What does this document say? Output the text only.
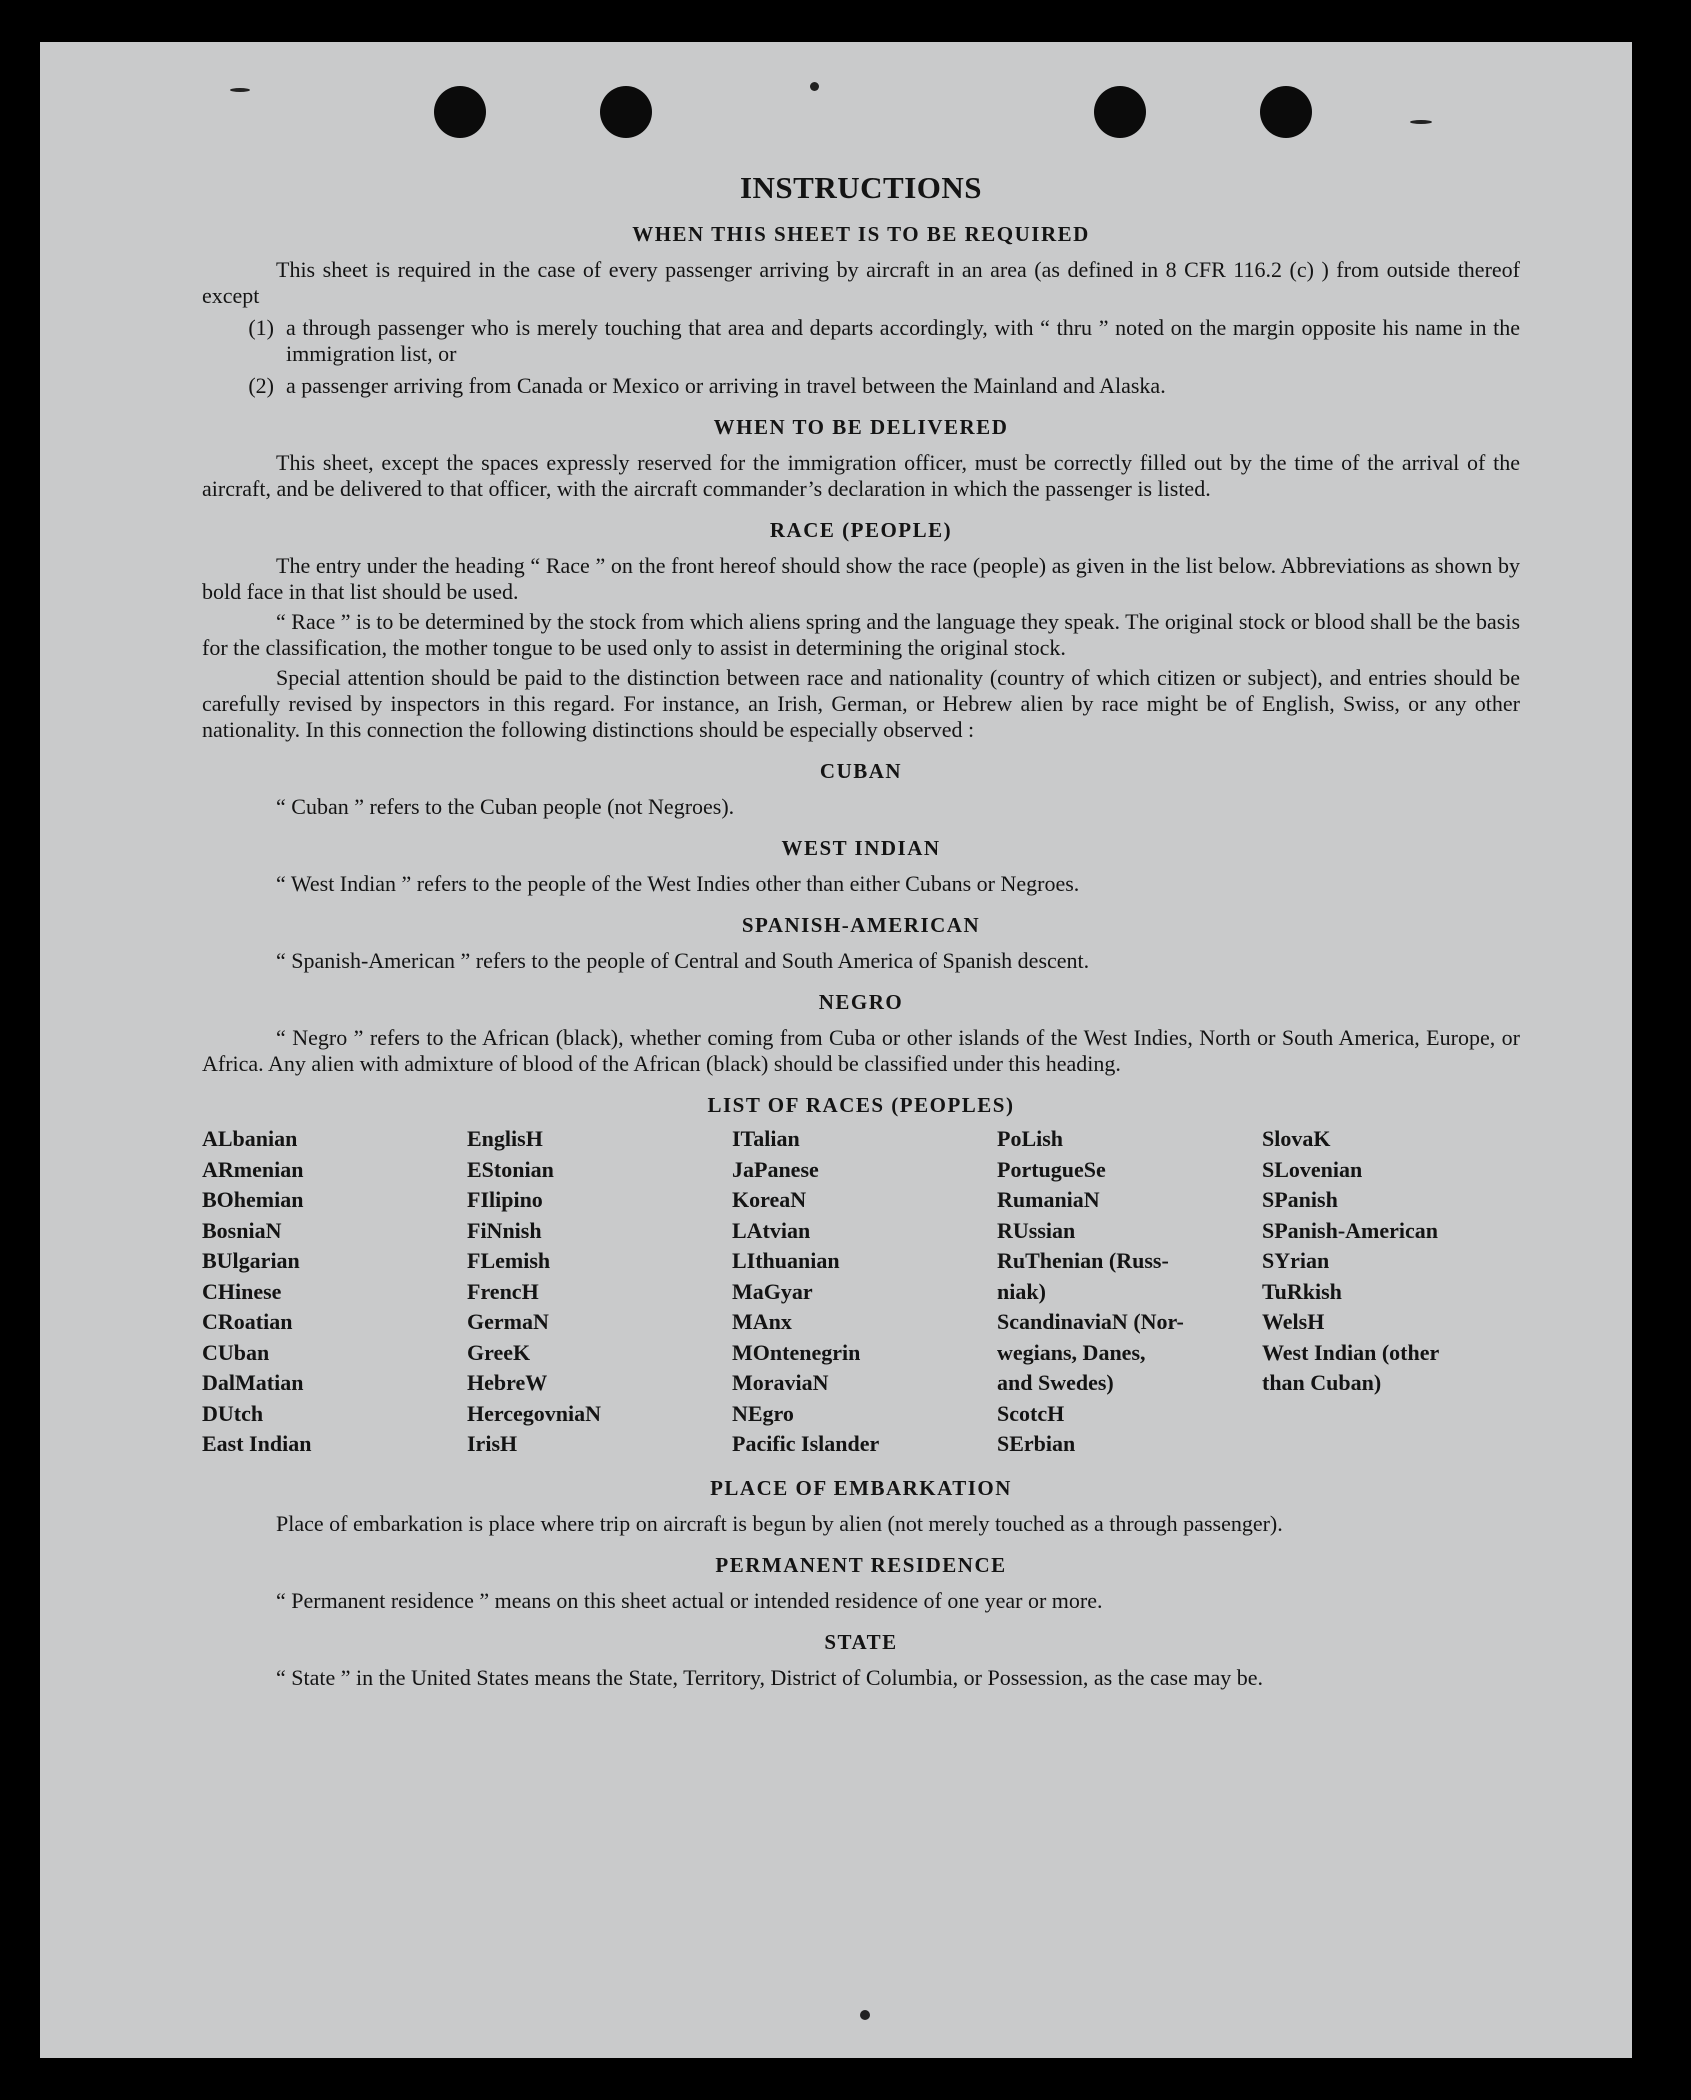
INSTRUCTIONS
WHEN THIS SHEET IS TO BE REQUIRED

This sheet is required in the case of every passenger arriving by aircraft in an area (as defined in 8 CFR 116.2 (c) ) from outside thereof except

(1) a through passenger who is merely touching that area and departs accordingly, with “ thru ” noted on the margin opposite his name in the immigration list, or
(2) a passenger arriving from Canada or Mexico or arriving in travel between the Mainland and Alaska.
WHEN TO BE DELIVERED

This sheet, except the spaces expressly reserved for the immigration officer, must be correctly filled out by the time of the arrival of the aircraft, and be delivered to that officer, with the aircraft commander’s declaration in which the passenger is listed.

RACE (PEOPLE)

The entry under the heading “ Race ” on the front hereof should show the race (people) as given in the list below. Abbreviations as shown by bold face in that list should be used.

“ Race ” is to be determined by the stock from which aliens spring and the language they speak. The original stock or blood shall be the basis for the classification, the mother tongue to be used only to assist in determining the original stock.

Special attention should be paid to the distinction between race and nationality (country of which citizen or subject), and entries should be carefully revised by inspectors in this regard. For instance, an Irish, German, or Hebrew alien by race might be of English, Swiss, or any other nationality. In this connection the following distinctions should be especially observed :

CUBAN

“ Cuban ” refers to the Cuban people (not Negroes).

WEST INDIAN

“ West Indian ” refers to the people of the West Indies other than either Cubans or Negroes.

SPANISH-AMERICAN

“ Spanish-American ” refers to the people of Central and South America of Spanish descent.

NEGRO

“ Negro ” refers to the African (black), whether coming from Cuba or other islands of the West Indies, North or South America, Europe, or Africa. Any alien with admixture of blood of the African (black) should be classified under this heading.

LIST OF RACES (PEOPLES)
ALbanian
ARmenian
BOhemian
BosniaN
BUlgarian
CHinese
CRoatian
CUban
DalMatian
DUtch
East Indian
EnglisH
EStonian
FIlipino
FiNnish
FLemish
FrencH
GermaN
GreeK
HebreW
HercegovniaN
IrisH
ITalian
JaPanese
KoreaN
LAtvian
LIthuanian
MaGyar
MAnx
MOntenegrin
MoraviaN
NEgro
Pacific Islander
PoLish
PortugueSe
RumaniaN
RUssian
RuThenian (Russ-
niak)
ScandinaviaN (Nor-
wegians, Danes,
and Swedes)
ScotcH
SErbian
SlovaK
SLovenian
SPanish
SPanish-American
SYrian
TuRkish
WelsH
West Indian (other
than Cuban)
PLACE OF EMBARKATION

Place of embarkation is place where trip on aircraft is begun by alien (not merely touched as a through passenger).

PERMANENT RESIDENCE

“ Permanent residence ” means on this sheet actual or intended residence of one year or more.

STATE

“ State ” in the United States means the State, Territory, District of Columbia, or Possession, as the case may be.
